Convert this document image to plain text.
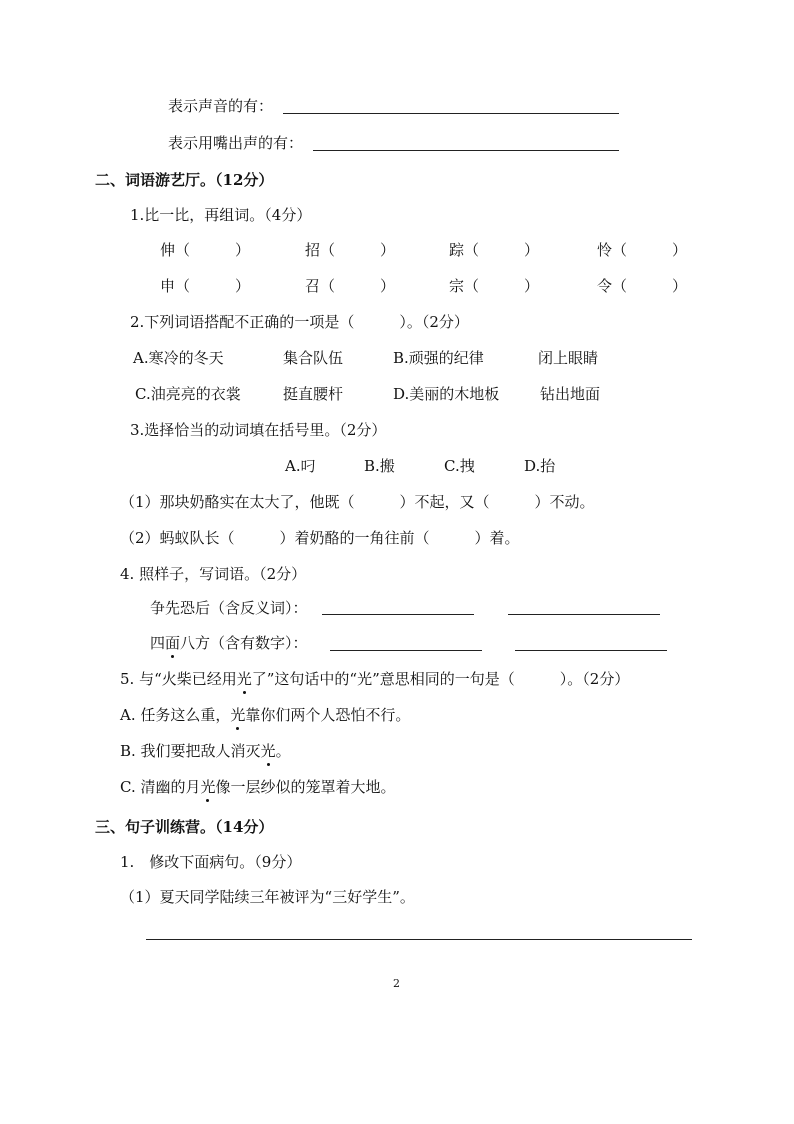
表示声音的有：
表示用嘴出声的有：
二、词语游艺厅。（12分）
1.比一比，再组词。（4分）
伸（　　　）	招（　　　）	踪（　　　）	怜（　　　）
申（　　　）	召（　　　）	宗（　　　）	令（　　　）
2.下列词语搭配不正确的一项是（　　　）。（2分）
A.寒冷的冬天	集合队伍	B.顽强的纪律	闭上眼睛
C.油亮亮的衣裳	挺直腰杆	D.美丽的木地板	钻出地面
3.选择恰当的动词填在括号里。（2分）
A.叼	B.搬	C.拽	D.抬
（1）那块奶酪实在太大了，他既（　　　）不起，又（　　　）不动。
（2）蚂蚁队长（　　　）着奶酪的一角往前（　　　）着。
4. 照样子，写词语。（2分）
争先恐后（含反义词）：
四面八方（含有数字）：
5. 与“火柴已经用光了”这句话中的“光”意思相同的一句是（　　　）。（2分）
A. 任务这么重，光靠你们两个人恐怕不行。
B. 我们要把敌人消灭光。
C. 清幽的月光像一层纱似的笼罩着大地。
三、句子训练营。（14分）
1.　修改下面病句。（9分）
（1）夏天同学陆续三年被评为“三好学生”。
2
